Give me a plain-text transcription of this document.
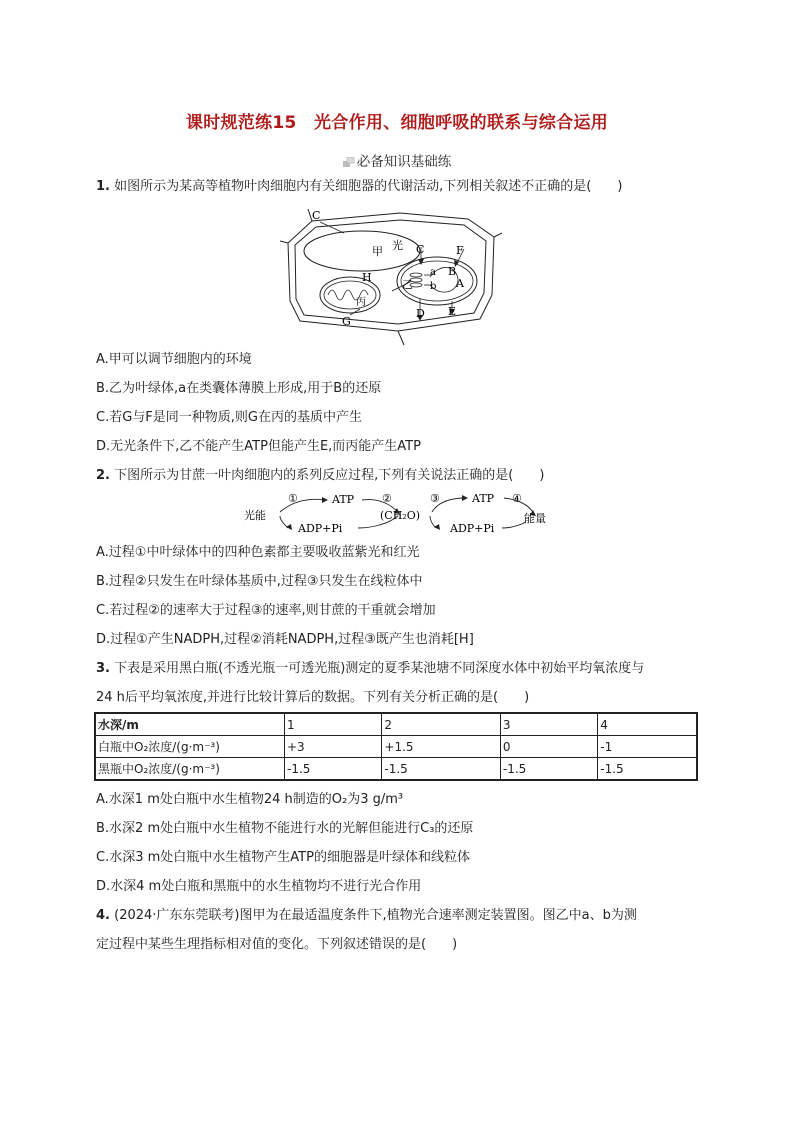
课时规范练15　光合作用、细胞呼吸的联系与综合运用
必备知识基础练
1. 如图所示为某高等植物叶肉细胞内有关细胞器的代谢活动,下列相关叙述不正确的是(　　)
C
甲 光 C	F
H	a B
乙 b A
丙
G
D E
A.甲可以调节细胞内的环境
B.乙为叶绿体,a在类囊体薄膜上形成,用于B的还原
C.若G与F是同一种物质,则G在丙的基质中产生
D.无光条件下,乙不能产生ATP但能产生E,而丙能产生ATP
2. 下图所示为甘蔗一叶肉细胞内的系列反应过程,下列有关说法正确的是(　　)
光能
①	ATP
ADP+Pi
②
(CH₂O)
③	ATP
ADP+Pi
④
能量
A.过程①中叶绿体中的四种色素都主要吸收蓝紫光和红光
B.过程②只发生在叶绿体基质中,过程③只发生在线粒体中
C.若过程②的速率大于过程③的速率,则甘蔗的干重就会增加
D.过程①产生NADPH,过程②消耗NADPH,过程③既产生也消耗[H]
3. 下表是采用黑白瓶(不透光瓶一可透光瓶)测定的夏季某池塘不同深度水体中初始平均氧浓度与
24 h后平均氧浓度,并进行比较计算后的数据。下列有关分析正确的是(　　)
水深/m	1	2	3	4
白瓶中O₂浓度/(g·m⁻³)	+3	+1.5	0	-1
黑瓶中O₂浓度/(g·m⁻³)	-1.5	-1.5	-1.5	-1.5
A.水深1 m处白瓶中水生植物24 h制造的O₂为3 g/m³
B.水深2 m处白瓶中水生植物不能进行水的光解但能进行C₃的还原
C.水深3 m处白瓶中水生植物产生ATP的细胞器是叶绿体和线粒体
D.水深4 m处白瓶和黑瓶中的水生植物均不进行光合作用
4. (2024·广东东莞联考)图甲为在最适温度条件下,植物光合速率测定装置图。图乙中a、b为测
定过程中某些生理指标相对值的变化。下列叙述错误的是(　　)
